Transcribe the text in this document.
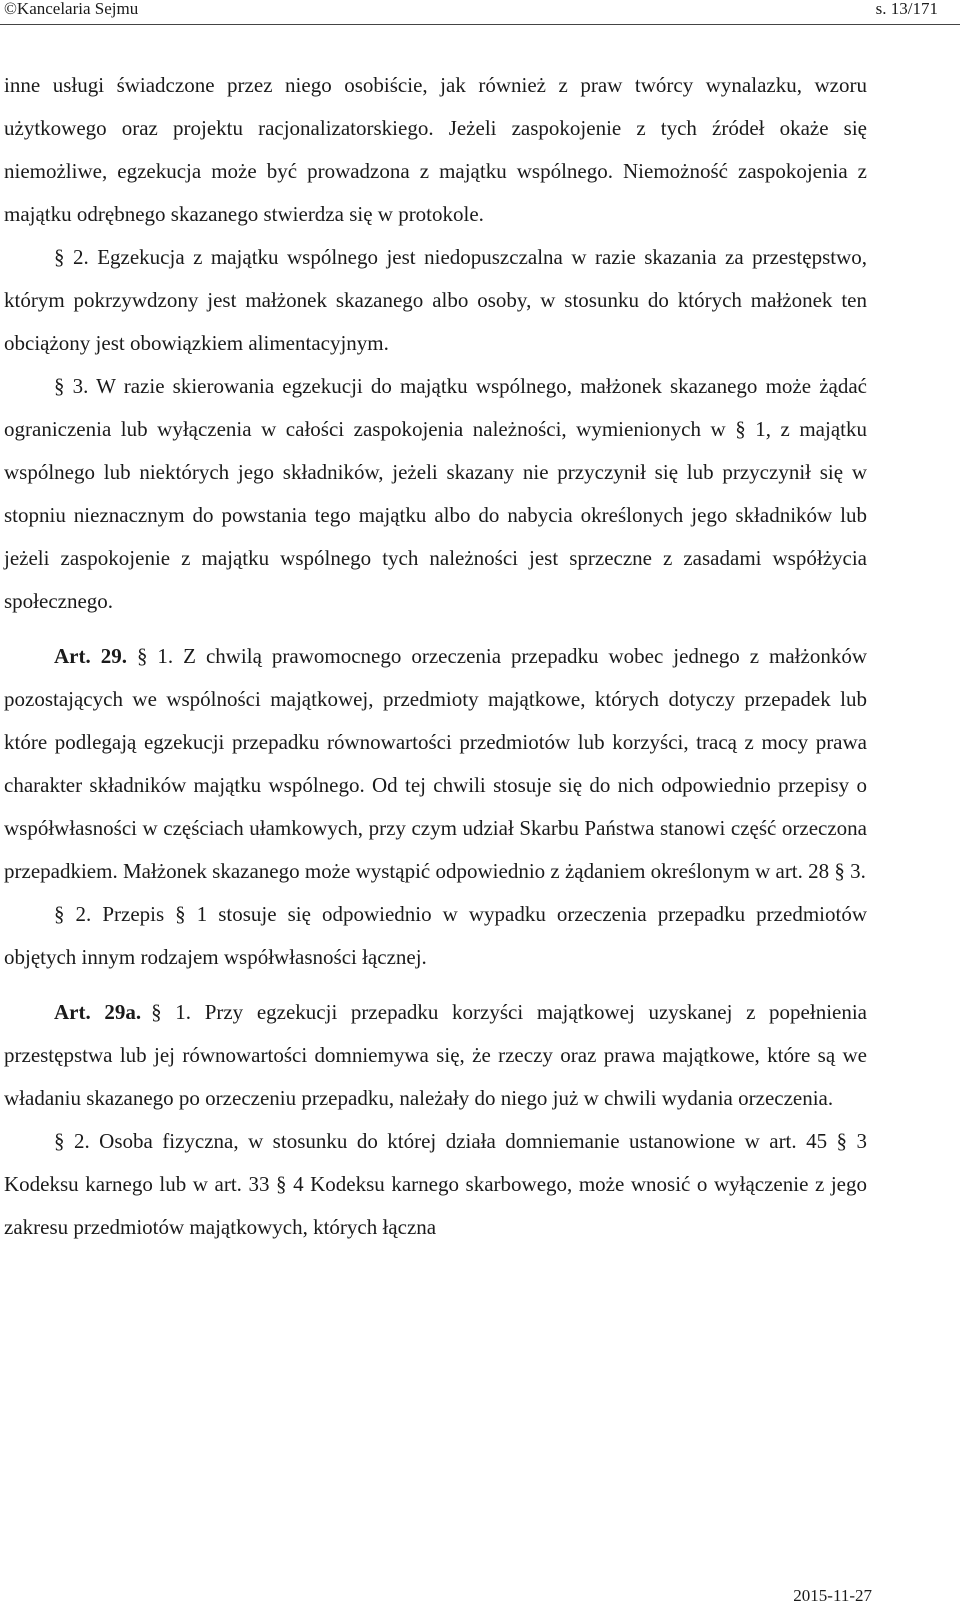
©Kancelaria Sejmu	s. 13/171

inne usługi świadczone przez niego osobiście, jak również z praw twórcy wynalazku, wzoru użytkowego oraz projektu racjonalizatorskiego. Jeżeli zaspokojenie z tych źródeł okaże się niemożliwe, egzekucja może być prowadzona z majątku wspólnego. Niemożność zaspokojenia z majątku odrębnego skazanego stwierdza się w protokole.

§ 2. Egzekucja z majątku wspólnego jest niedopuszczalna w razie skazania za przestępstwo, którym pokrzywdzony jest małżonek skazanego albo osoby, w stosunku do których małżonek ten obciążony jest obowiązkiem alimentacyjnym.

§ 3. W razie skierowania egzekucji do majątku wspólnego, małżonek skazanego może żądać ograniczenia lub wyłączenia w całości zaspokojenia należności, wymienionych w § 1, z majątku wspólnego lub niektórych jego składników, jeżeli skazany nie przyczynił się lub przyczynił się w stopniu nieznacznym do powstania tego majątku albo do nabycia określonych jego składników lub jeżeli zaspokojenie z majątku wspólnego tych należności jest sprzeczne z zasadami współżycia społecznego.

Art. 29. § 1. Z chwilą prawomocnego orzeczenia przepadku wobec jednego z małżonków pozostających we wspólności majątkowej, przedmioty majątkowe, których dotyczy przepadek lub które podlegają egzekucji przepadku równowartości przedmiotów lub korzyści, tracą z mocy prawa charakter składników majątku wspólnego. Od tej chwili stosuje się do nich odpowiednio przepisy o współwłasności w częściach ułamkowych, przy czym udział Skarbu Państwa stanowi część orzeczona przepadkiem. Małżonek skazanego może wystąpić odpowiednio z żądaniem określonym w art. 28 § 3.

§ 2. Przepis § 1 stosuje się odpowiednio w wypadku orzeczenia przepadku przedmiotów objętych innym rodzajem współwłasności łącznej.

Art. 29a. § 1. Przy egzekucji przepadku korzyści majątkowej uzyskanej z popełnienia przestępstwa lub jej równowartości domniemywa się, że rzeczy oraz prawa majątkowe, które są we władaniu skazanego po orzeczeniu przepadku, należały do niego już w chwili wydania orzeczenia.

§ 2. Osoba fizyczna, w stosunku do której działa domniemanie ustanowione w art. 45 § 3 Kodeksu karnego lub w art. 33 § 4 Kodeksu karnego skarbowego, może wnosić o wyłączenie z jego zakresu przedmiotów majątkowych, których łączna

2015-11-27
